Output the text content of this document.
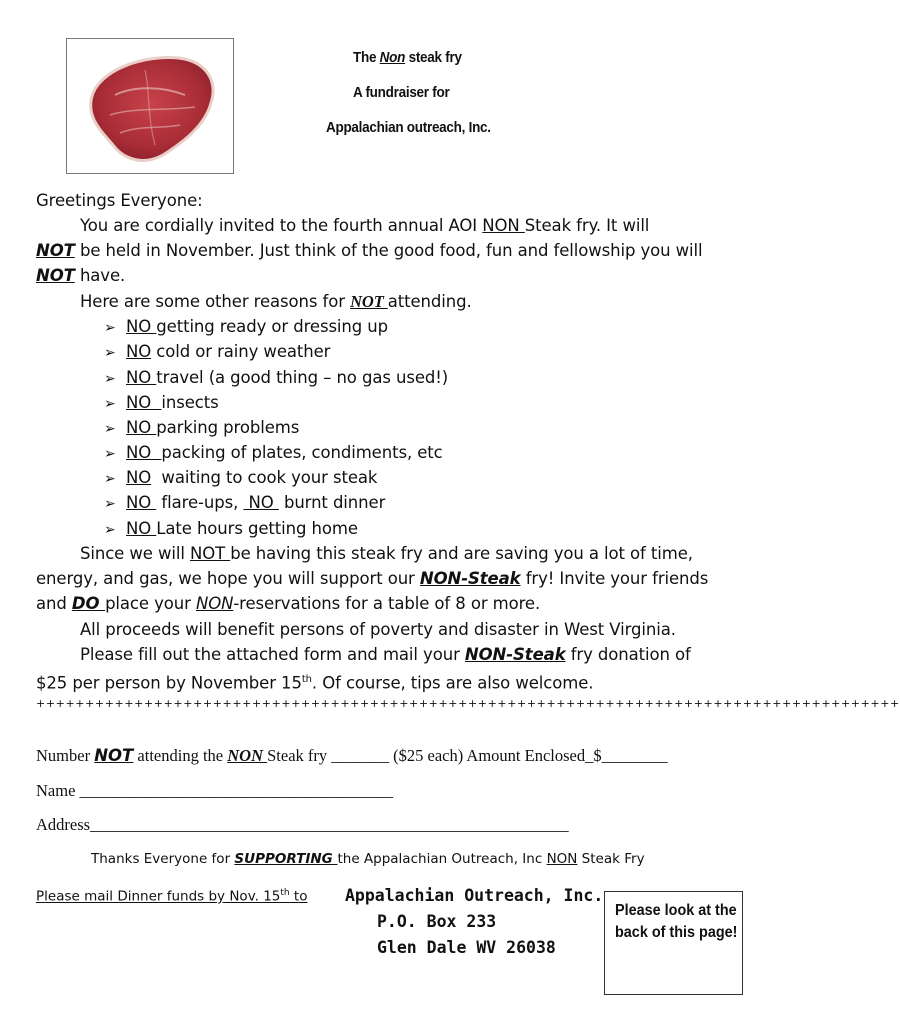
The Non steak fry
A fundraiser for
Appalachian outreach, Inc.
Greetings Everyone:
You are cordially invited to the fourth annual AOI NON Steak fry. It will
NOT be held in November. Just think of the good food, fun and fellowship you will
NOT have.
Here are some other reasons for NOT attending.
➢ NO getting ready or dressing up
➢ NO cold or rainy weather
➢ NO travel (a good thing – no gas used!)
➢ NO  insects
➢ NO parking problems
➢ NO  packing of plates, condiments, etc
➢ NO  waiting to cook your steak
➢ NO  flare-ups,  NO  burnt dinner
➢ NO Late hours getting home
Since we will NOT be having this steak fry and are saving you a lot of time,
energy, and gas, we hope you will support our NON-Steak fry! Invite your friends
and DO place your NON-reservations for a table of 8 or more.
All proceeds will benefit persons of poverty and disaster in West Virginia.
Please fill out the attached form and mail your NON-Steak fry donation of
$25 per person by November 15th. Of course, tips are also welcome.
++++++++++++++++++++++++++++++++++++++++++++++++++++++++++++++++++++++++++++++++++++++++
Number NOT attending the NON Steak fry _______ ($25 each) Amount Enclosed_$________
Name ______________________________________
Address__________________________________________________________
Thanks Everyone for SUPPORTING the Appalachian Outreach, Inc NON Steak Fry
Please mail Dinner funds by Nov. 15th to Appalachian Outreach, Inc.
P.O. Box 233
Glen Dale WV 26038
Please look at the back of this page!
